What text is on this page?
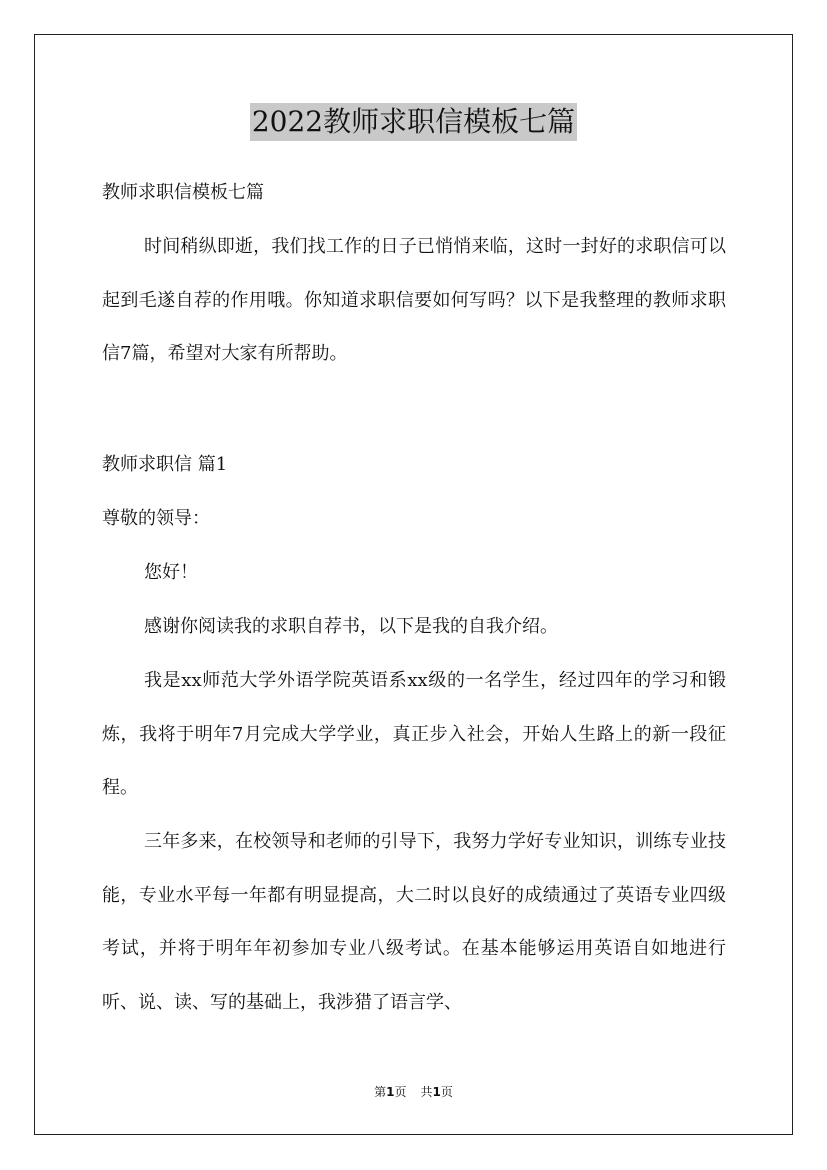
2022教师求职信模板七篇
教师求职信模板七篇
时间稍纵即逝，我们找工作的日子已悄悄来临，这时一封好的求职信可以起到毛遂自荐的作用哦。你知道求职信要如何写吗？以下是我整理的教师求职信7篇，希望对大家有所帮助。
教师求职信 篇1
尊敬的领导：
您好！
感谢你阅读我的求职自荐书，以下是我的自我介绍。
我是xx师范大学外语学院英语系xx级的一名学生，经过四年的学习和锻炼，我将于明年7月完成大学学业，真正步入社会，开始人生路上的新一段征程。
三年多来，在校领导和老师的引导下，我努力学好专业知识，训练专业技能，专业水平每一年都有明显提高，大二时以良好的成绩通过了英语专业四级考试，并将于明年年初参加专业八级考试。在基本能够运用英语自如地进行听、说、读、写的基础上，我涉猎了语言学、
第1页 共1页
